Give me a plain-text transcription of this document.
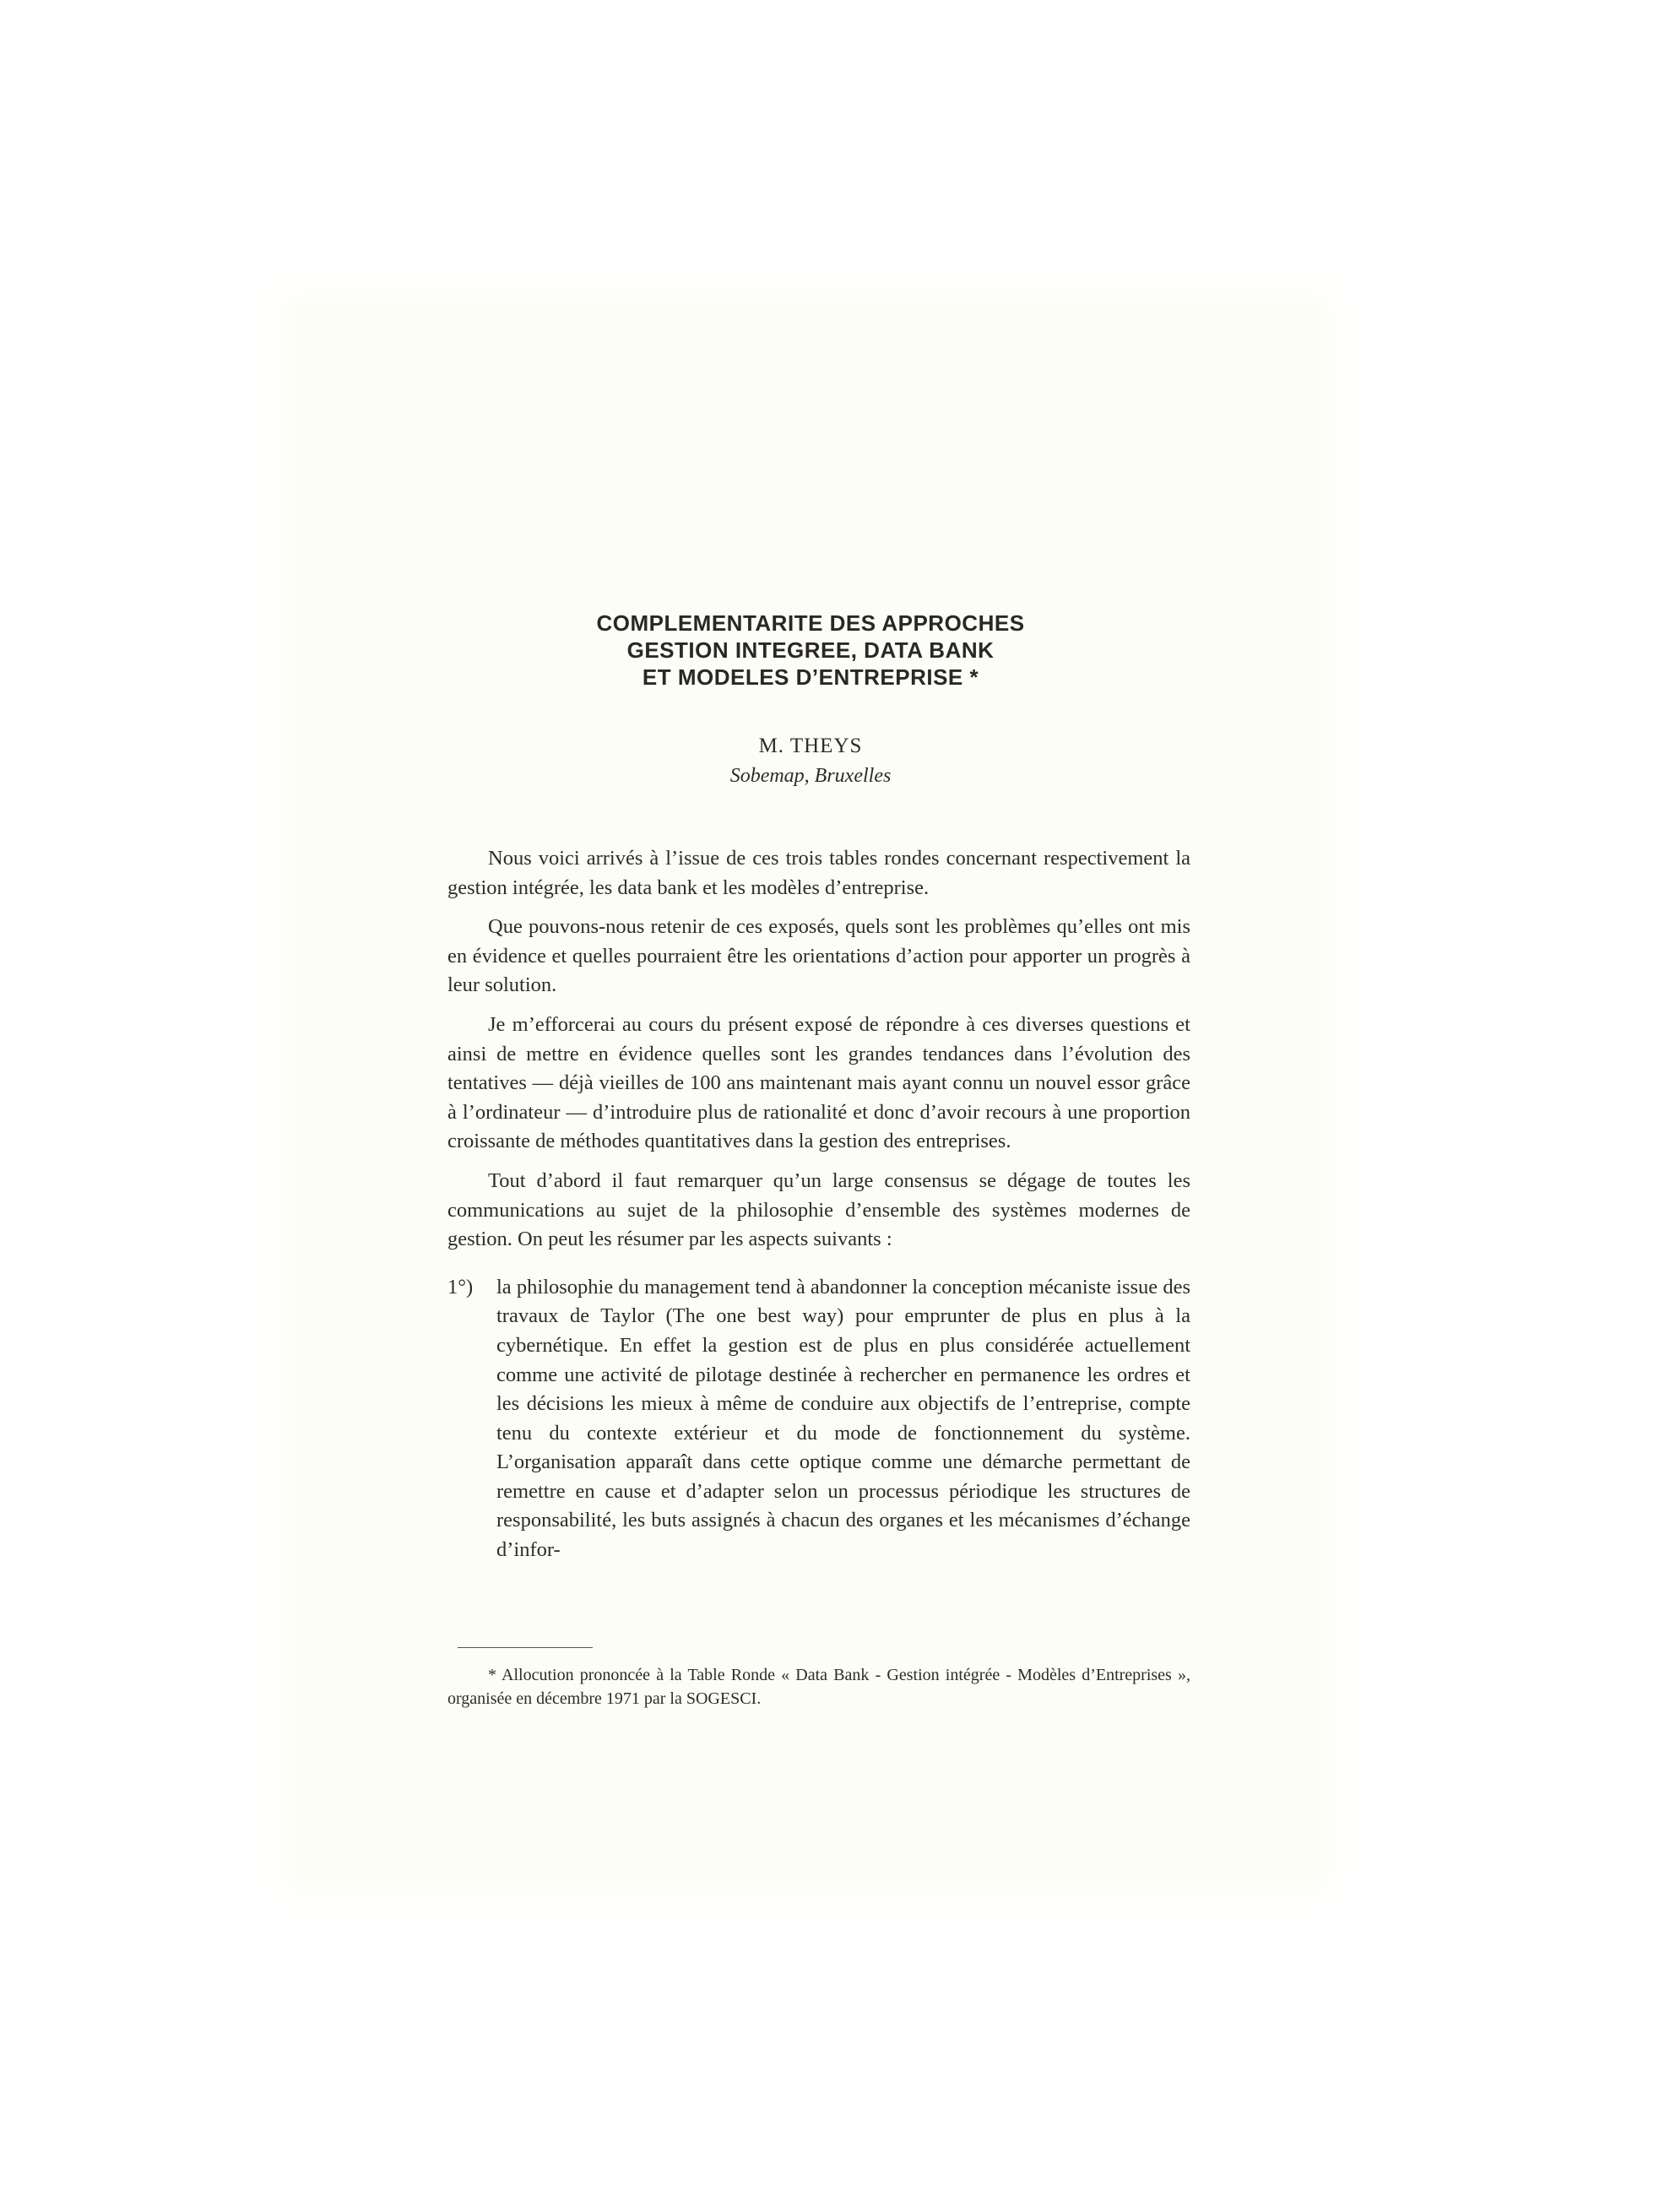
COMPLEMENTARITE DES APPROCHES
GESTION INTEGREE, DATA BANK
ET MODELES D’ENTREPRISE *
M. THEYS
Sobemap, Bruxelles

Nous voici arrivés à l’issue de ces trois tables rondes concernant respectivement la gestion intégrée, les data bank et les modèles d’entreprise.

Que pouvons-nous retenir de ces exposés, quels sont les problèmes qu’elles ont mis en évidence et quelles pourraient être les orientations d’action pour apporter un progrès à leur solution.

Je m’efforcerai au cours du présent exposé de répondre à ces diverses questions et ainsi de mettre en évidence quelles sont les grandes tendances dans l’évolution des tentatives — déjà vieilles de 100 ans maintenant mais ayant connu un nouvel essor grâce à l’ordinateur — d’introduire plus de rationalité et donc d’avoir recours à une proportion croissante de méthodes quantitatives dans la gestion des entreprises.

Tout d’abord il faut remarquer qu’un large consensus se dégage de toutes les communications au sujet de la philosophie d’ensemble des systèmes modernes de gestion. On peut les résumer par les aspects suivants :

1°)	la philosophie du management tend à abandonner la conception mécaniste issue des travaux de Taylor (The one best way) pour emprunter de plus en plus à la cybernétique. En effet la gestion est de plus en plus considérée actuellement comme une activité de pilotage destinée à rechercher en permanence les ordres et les décisions les mieux à même de conduire aux objectifs de l’entreprise, compte tenu du contexte extérieur et du mode de fonctionnement du système. L’organisation apparaît dans cette optique comme une démarche permettant de remettre en cause et d’adapter selon un processus périodique les structures de responsabilité, les buts assignés à chacun des organes et les mécanismes d’échange d’infor-
* Allocution prononcée à la Table Ronde « Data Bank - Gestion intégrée - Modèles d’Entreprises », organisée en décembre 1971 par la SOGESCI.
